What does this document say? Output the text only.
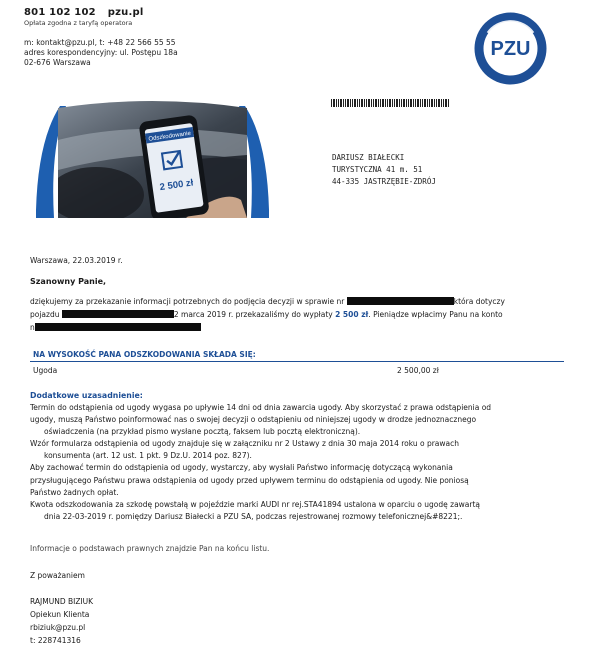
801 102 102 pzu.pl
Opłata zgodna z taryfą operatora
m: kontakt@pzu.pl, t: +48 22 566 55 55
adres korespondencyjny: ul. Postępu 18a
02-676 Warszawa
PZU
Odszkodowanie
2 500 zł
DARIUSZ BIAŁECKI
TURYSTYCZNA 41 m. 51
44-335 JASTRZĘBIE-ZDRÓJ
Warszawa, 22.03.2019 r.
Szanowny Panie,
dziękujemy za przekazanie informacji potrzebnych do podjęcia decyzji w sprawie nr	która dotyczy
pojazdu	2 marca 2019 r. przekazaliśmy do wypłaty 2 500 zł. Pieniądze wpłacimy Panu na konto
n
NA WYSOKOŚĆ PANA ODSZKODOWANIA SKŁADA SIĘ:
Ugoda	2 500,00 zł
Dodatkowe uzasadnienie:
Termin do odstąpienia od ugody wygasa po upływie 14 dni od dnia zawarcia ugody. Aby skorzystać z prawa odstąpienia od
ugody, muszą Państwo poinformować nas o swojej decyzji o odstąpieniu od niniejszej ugody w drodze jednoznacznego
oświadczenia (na przykład pismo wysłane pocztą, faksem lub pocztą elektroniczną).
Wzór formularza odstąpienia od ugody znajduje się w załączniku nr 2 Ustawy z dnia 30 maja 2014 roku o prawach
konsumenta (art. 12 ust. 1 pkt. 9 Dz.U. 2014 poz. 827).
Aby zachować termin do odstąpienia od ugody, wystarczy, aby wysłali Państwo informację dotyczącą wykonania
przysługującego Państwu prawa odstąpienia od ugody przed upływem terminu do odstąpienia od ugody. Nie poniosą
Państwo żadnych opłat.
Kwota odszkodowania za szkodę powstałą w pojeździe marki AUDI nr rej.STA41894 ustalona w oparciu o ugodę zawartą
dnia 22-03-2019 r. pomiędzy Dariusz Białecki a PZU SA, podczas rejestrowanej rozmowy telefonicznej&#8221;.
Informacje o podstawach prawnych znajdzie Pan na końcu listu.
Z poważaniem
RAJMUND BIZIUK
Opiekun Klienta
rbiziuk@pzu.pl
t: 228741316
